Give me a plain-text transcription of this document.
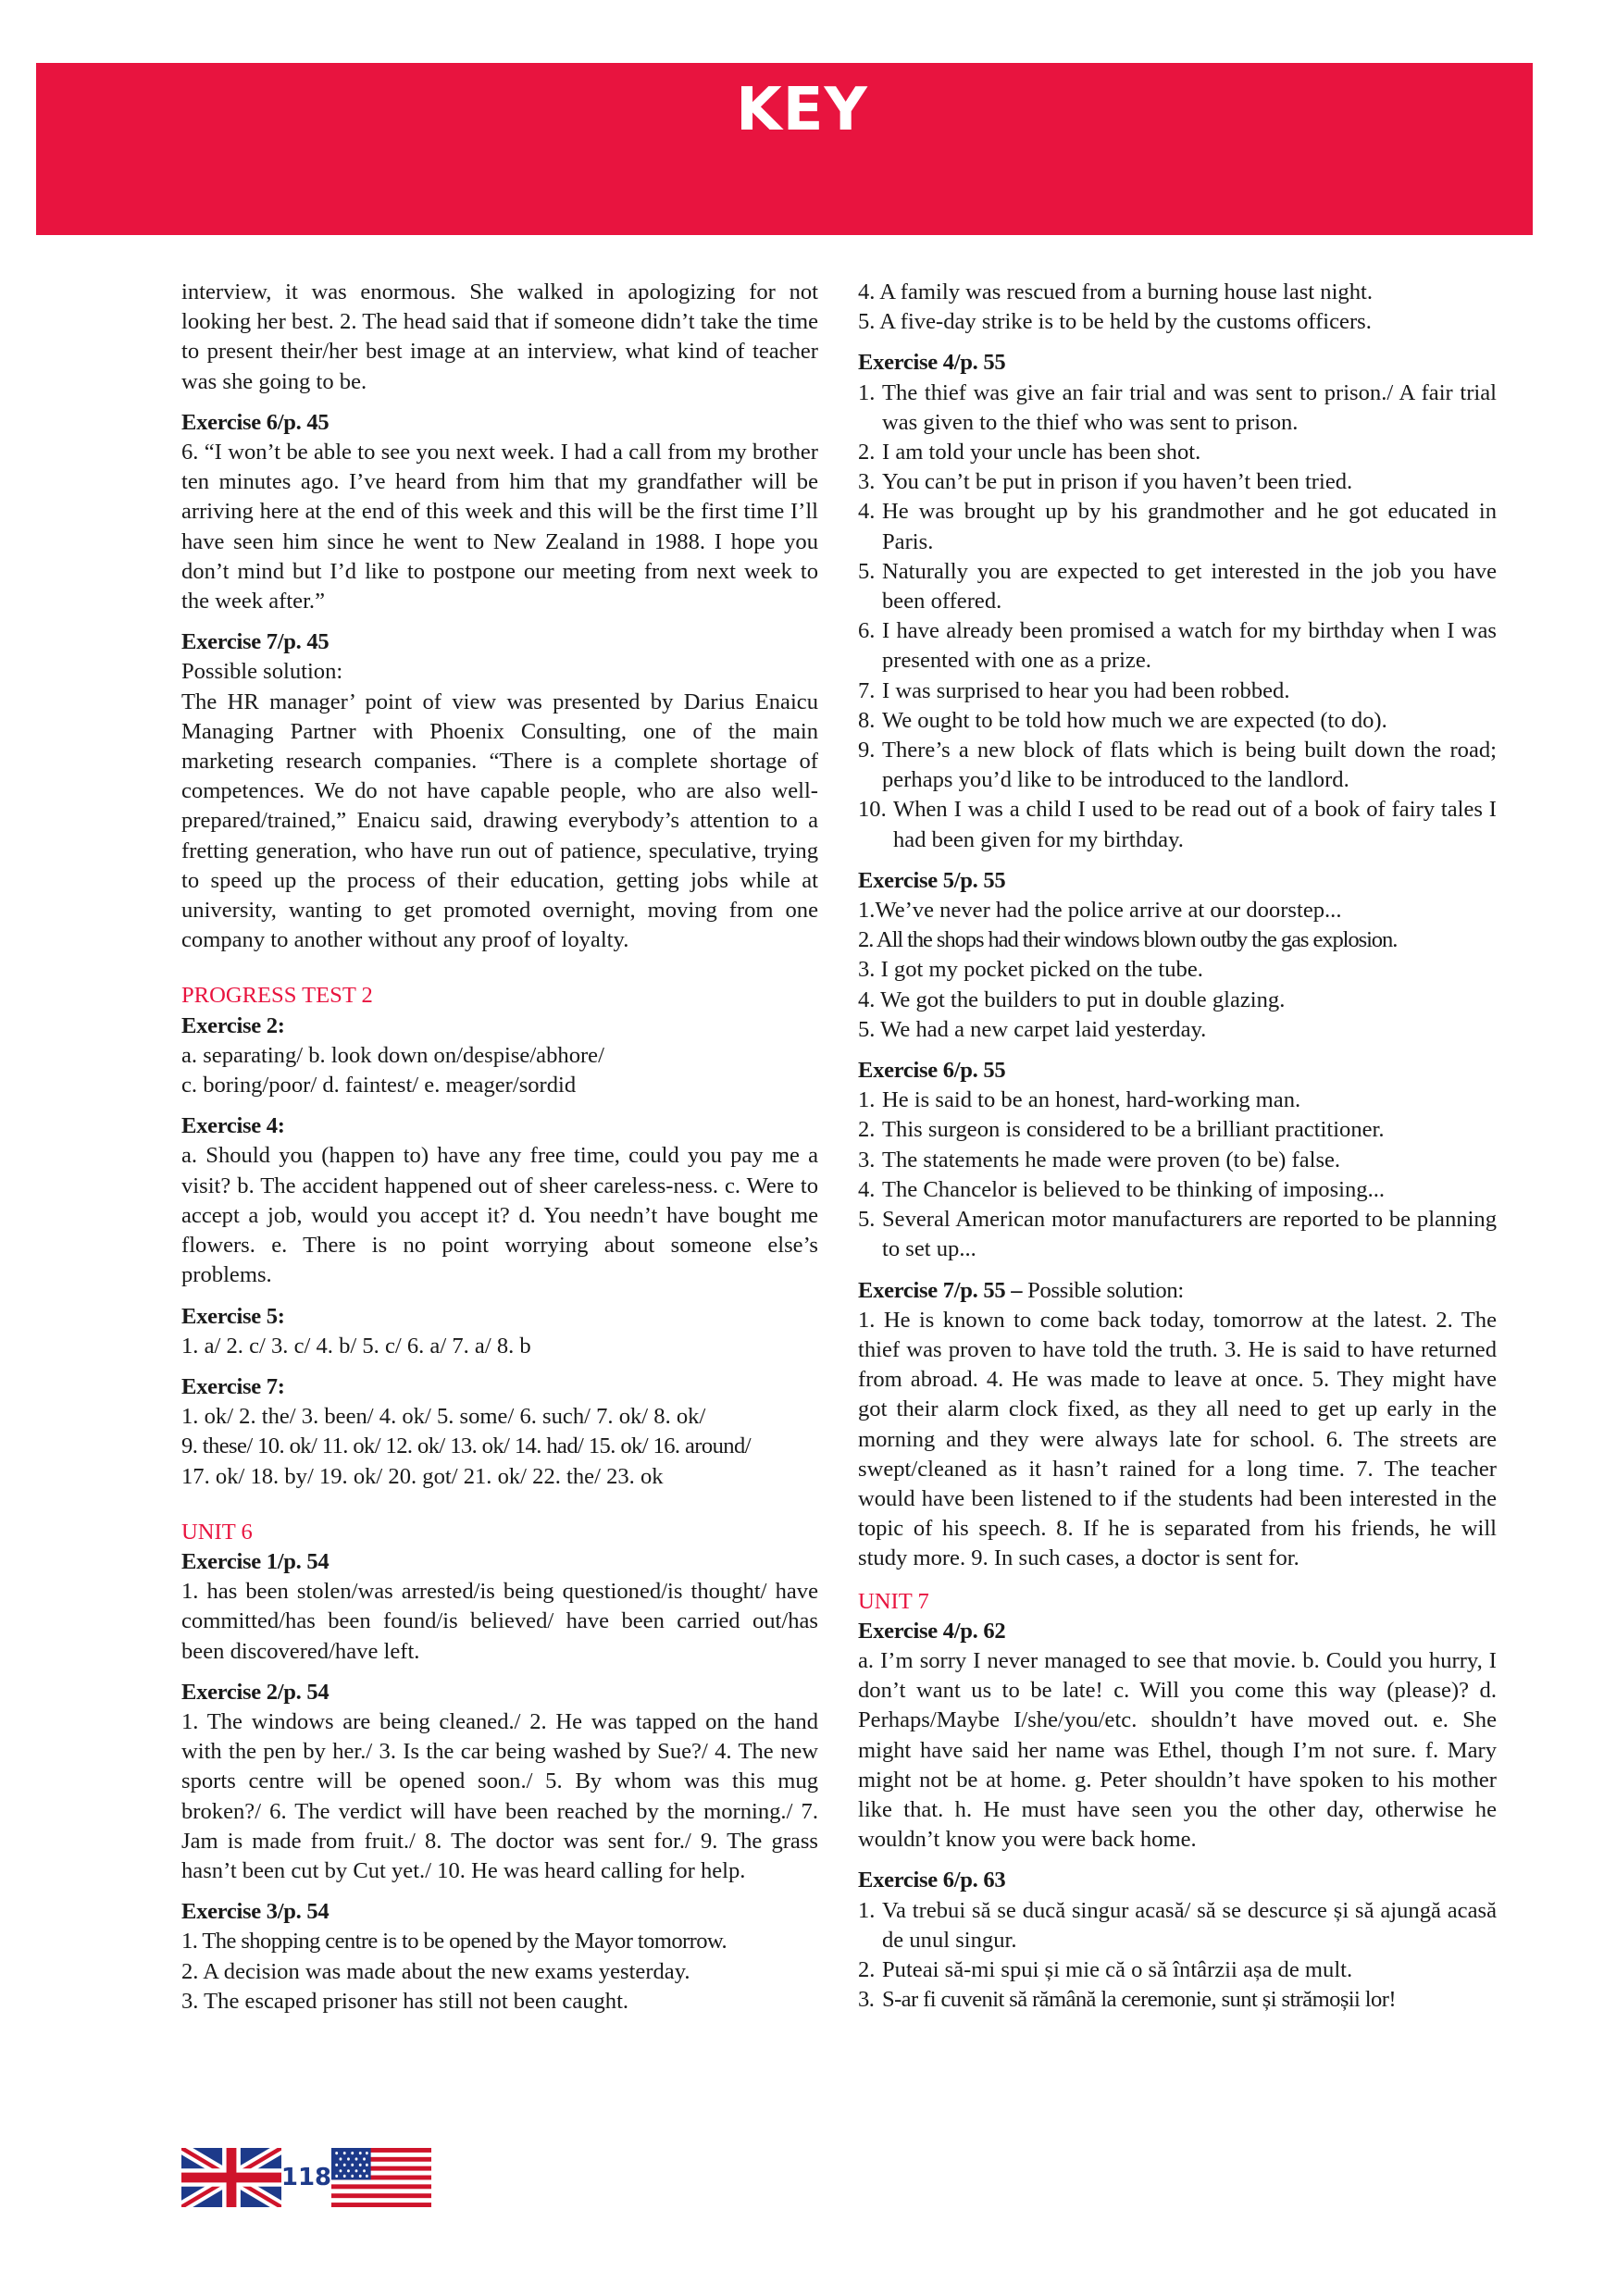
KEY

interview, it was enormous. She walked in apologizing for not looking her best. 2. The head said that if someone didn’t take the time to present their/her best image at an interview, what kind of teacher was she going to be.

Exercise 6/p. 45

6. “I won’t be able to see you next week. I had a call from my brother ten minutes ago. I’ve heard from him that my grandfather will be arriving here at the end of this week and this will be the first time I’ll have seen him since he went to New Zealand in 1988. I hope you don’t mind but I’d like to postpone our meeting from next week to the week after.”

Exercise 7/p. 45

Possible solution:

The HR manager’ point of view was presented by Darius Enaicu Managing Partner with Phoenix Consulting, one of the main marketing research companies. “There is a complete shortage of competences. We do not have capable people, who are also well-prepared/trained,” Enaicu said, drawing everybody’s attention to a fretting generation, who have run out of patience, speculative, trying to speed up the process of their education, getting jobs while at university, wanting to get promoted overnight, moving from one company to another without any proof of loyalty.

PROGRESS TEST 2

Exercise 2:

a. separating/ b. look down on/despise/abhore/

c. boring/poor/ d. faintest/ e. meager/sordid

Exercise 4:

a. Should you (happen to) have any free time, could you pay me a visit? b. The accident happened out of sheer careless-ness. c. Were to accept a job, would you accept it? d. You needn’t have bought me flowers. e. There is no point worrying about someone else’s problems.

Exercise 5:

1. a/ 2. c/ 3. c/ 4. b/ 5. c/ 6. a/ 7. a/ 8. b

Exercise 7:

1. ok/ 2. the/ 3. been/ 4. ok/ 5. some/ 6. such/ 7. ok/ 8. ok/

9. these/ 10. ok/ 11. ok/ 12. ok/ 13. ok/ 14. had/ 15. ok/ 16. around/

17. ok/ 18. by/ 19. ok/ 20. got/ 21. ok/ 22. the/ 23. ok

UNIT 6

Exercise 1/p. 54

1. has been stolen/was arrested/is being questioned/is thought/ have committed/has been found/is believed/ have been carried out/has been discovered/have left.

Exercise 2/p. 54

1. The windows are being cleaned./ 2. He was tapped on the hand with the pen by her./ 3. Is the car being washed by Sue?/ 4. The new sports centre will be opened soon./ 5. By whom was this mug broken?/ 6. The verdict will have been reached by the morning./ 7. Jam is made from fruit./ 8. The doctor was sent for./ 9. The grass hasn’t been cut by Cut yet./ 10. He was heard calling for help.

Exercise 3/p. 54

1. The shopping centre is to be opened by the Mayor tomorrow.

2. A decision was made about the new exams yesterday.

3. The escaped prisoner has still not been caught.

4. A family was rescued from a burning house last night.

5. A five-day strike is to be held by the customs officers.

Exercise 4/p. 55

1. The thief was give an fair trial and was sent to prison./ A fair trial was given to the thief who was sent to prison.
2. I am told your uncle has been shot.
3. You can’t be put in prison if you haven’t been tried.
4. He was brought up by his grandmother and he got educated in Paris.
5. Naturally you are expected to get interested in the job you have been offered.
6. I have already been promised a watch for my birthday when I was presented with one as a prize.
7. I was surprised to hear you had been robbed.
8. We ought to be told how much we are expected (to do).
9. There’s a new block of flats which is being built down the road; perhaps you’d like to be introduced to the landlord.
10. When I was a child I used to be read out of a book of fairy tales I had been given for my birthday.

Exercise 5/p. 55

1.We’ve never had the police arrive at our doorstep...

2. All the shops had their windows blown outby the gas explosion.

3. I got my pocket picked on the tube.

4. We got the builders to put in double glazing.

5. We had a new carpet laid yesterday.

Exercise 6/p. 55

1. He is said to be an honest, hard-working man.
2. This surgeon is considered to be a brilliant practitioner.
3. The statements he made were proven (to be) false.
4. The Chancelor is believed to be thinking of imposing...
5. Several American motor manufacturers are reported to be planning to set up...

Exercise 7/p. 55 – Possible solution:

1. He is known to come back today, tomorrow at the latest. 2. The thief was proven to have told the truth. 3. He is said to have returned from abroad. 4. He was made to leave at once. 5. They might have got their alarm clock fixed, as they all need to get up early in the morning and they were always late for school. 6. The streets are swept/cleaned as it hasn’t rained for a long time. 7. The teacher would have been listened to if the students had been interested in the topic of his speech. 8. If he is separated from his friends, he will study more. 9. In such cases, a doctor is sent for.

UNIT 7

Exercise 4/p. 62

a. I’m sorry I never managed to see that movie. b. Could you hurry, I don’t want us to be late! c. Will you come this way (please)? d. Perhaps/Maybe I/she/you/etc. shouldn’t have moved out. e. She might have said her name was Ethel, though I’m not sure. f. Mary might not be at home. g. Peter shouldn’t have spoken to his mother like that. h. He must have seen you the other day, otherwise he wouldn’t know you were back home.

Exercise 6/p. 63

1. Va trebui să se ducă singur acasă/ să se descurce și să ajungă acasă de unul singur.
2. Puteai să-mi spui și mie că o să întârzii așa de mult.
3. S-ar fi cuvenit să rămână la ceremonie, sunt și strămoșii lor!
118
